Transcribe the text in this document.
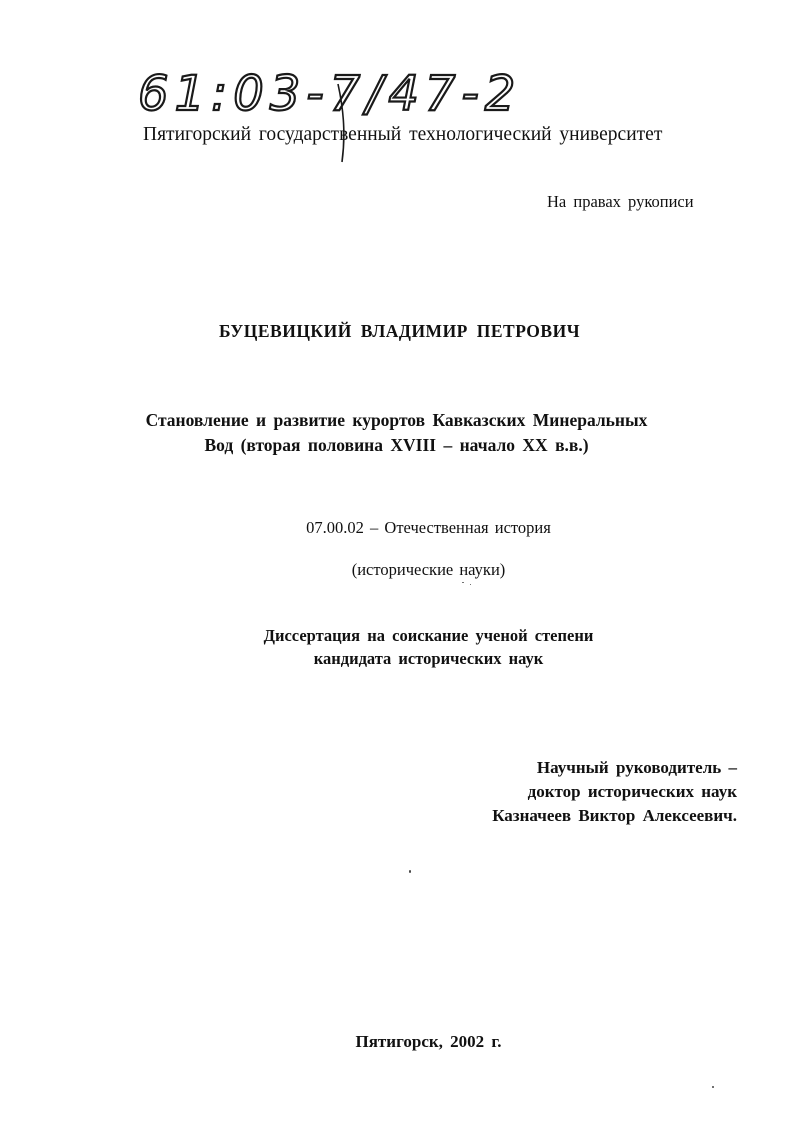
61:03-7/47-2
Пятигорский государственный технологический университет
На правах рукописи
БУЦЕВИЦКИЙ ВЛАДИМИР ПЕТРОВИЧ
Становление и развитие курортов Кавказских Минеральных
Вод (вторая половина XVIII – начало XX в.в.)
07.00.02 – Отечественная история
(исторические науки)
Диссертация на соискание ученой степени
кандидата исторических наук
Научный руководитель –
доктор исторических наук
Казначеев Виктор Алексеевич.
Пятигорск, 2002 г.
